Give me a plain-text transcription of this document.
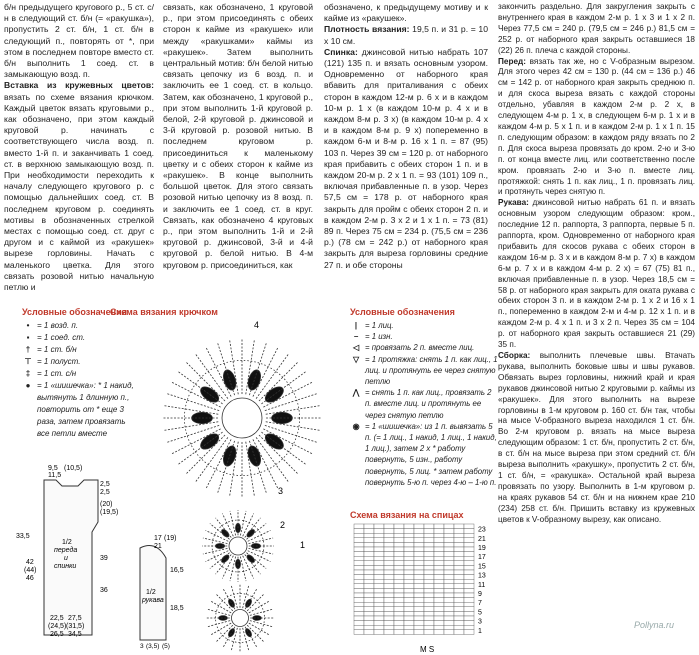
б/н предыдущего кругового р., 5 ст. с/н в следующий ст. б/н (= «ракушка»), пропустить 2 ст. б/н, 1 ст. б/н в следующий п., повторять от *, при этом в последнем повторе вместо ст. б/н выполнить 1 соед. ст. в замыкающую возд. п.

Вставка из кружевных цветов: вязать по схеме вязания крючком. Каждый цветок вязать круговыми р., как обозначено, при этом каждый круговой р. начинать с соответствующего числа возд. п. вместо 1-й п. и заканчивать 1 соед. ст. в верхнюю замыкающую возд. п. При необходимости переходить к началу следующего кругового р. с помощью дальнейших соед. ст. В последнем круговом р. соединять мотивы в обозначенных стрелкой местах с помощью соед. ст. друг с другом и с каймой из «ракушек» вырезе горловины. Начать с маленького цветка. Для этого связать розовой нитью начальную петлю и

связать, как обозначено, 1 круговой р., при этом присоединять с обеих сторон к кайме из «ракушек» или между «ракушками» каймы из «ракушек». Затем выполнить центральный мотив: б/н белой нитью связать цепочку из 6 возд. п. и заключить ее 1 соед. ст. в кольцо. Затем, как обозначено, 1 круговой р., при этом выполнить 1-й круговой р. белой, 2-й круговой р. джинсовой и 3-й круговой р. розовой нитью. В последнем круговом р. присоединиться к маленькому цветку и с обеих сторон к кайме из «ракушек». В конце выполнить большой цветок. Для этого связать розовой нитью цепочку из 8 возд. п. и заключить ее 1 соед. ст. в круг. Связать, как обозначено 4 круговых р., при этом выполнить 1-й и 2-й круговой р. джинсовой, 3-й и 4-й круговой р. белой нитью. В 4-м круговом р. присоединиться, как

обозначено, к предыдущему мотиву и к кайме из «ракушек».

Плотность вязания: 19,5 п. и 31 р. = 10 x 10 см.

Спинка: джинсовой нитью набрать 107 (121) 135 п. и вязать основным узором. Одновременно от наборного края вбавить для приталивания с обеих сторон в каждом 12-м р. 6 x и в каждом 10-м р. 1 x (в каждом 10-м р. 4 x и в каждом 8-м р. 3 x) (в каждом 10-м р. 4 x и в каждом 8-м р. 9 x) попеременно в каждом 6-м и 8-м р. 16 x 1 п. = 87 (95) 103 п. Через 39 см = 120 р. от наборного края прибавить с обеих сторон 1 п. и в каждом 20-м р. 2 x 1 п. = 93 (101) 109 п., включая прибавленные п. в узор. Через 57,5 см = 178 р. от наборного края закрыть для пройм с обеих сторон 2 п. и в каждом 2-м р. 3 x 2 и 1 x 1 п. = 73 (81) 89 п. Через 75 см = 234 р. (75,5 см = 236 р.) (78 см = 242 р.) от наборного края закрыть для выреза горловины средние 27 п. и обе стороны

закончить раздельно. Для закругления закрыть с внутреннего края в каждом 2-м р. 1 x 3 и 1 x 2 п. Через 77,5 см = 240 р. (79,5 см = 246 р.) 81,5 см = 252 р. от наборного края закрыть оставшиеся 18 (22) 26 п. плеча с каждой стороны.

Перед: вязать так же, но с V-образным вырезом. Для этого через 42 см = 130 р. (44 см = 136 р.) 46 см = 142 р. от наборного края закрыть среднюю п. и для скоса выреза вязать с каждой стороны отдельно, убавляя в каждом 2-м р. 2 x, в следующем 4-м р. 1 x, в следующем 6-м р. 1 x и в каждом 4-м р. 5 x 1 п. и в каждом 2-м р. 1 x 1 п. 15 п. следующим образом: в каждом ряду вязать по 2 п. Для скоса выреза провязать до кром. 2-ю и 3-ю п. от конца вместе лиц. или соответственно после кром. провязать 2-ю и 3-ю п. вместе лиц. протяжкой: снять 1 п. как лиц., 1 п. провязать лиц. и протянуть через снятую п.

Рукава: джинсовой нитью набрать 61 п. и вязать основным узором следующим образом: кром., последние 12 п. раппорта, 3 раппорта, первые 5 п. раппорта, кром. Одновременно от наборного края прибавить для скосов рукава с обеих сторон в каждом 16-м р. 3 x и в каждом 8-м р. 7 x) в каждом 6-м р. 7 x и в каждом 4-м р. 2 x) = 67 (75) 81 п., включая прибавленные п. в узор. Через 18,5 см = 58 р. от наборного края закрыть для оката рукава с обеих сторон 3 п. и в каждом 2-м р. 1 x 2 и 16 x 1 п., попеременно в каждом 2-м и 4-м р. 12 x 1 п. и в каждом 2-м р. 4 x 1 п. и 3 x 2 п. Через 35 см = 104 р. от наборного края закрыть оставшиеся 21 (29) 35 п.

Сборка: выполнить плечевые швы. Втачать рукава, выполнить боковые швы и швы рукавов. Обвязать вырез горловины, нижний край и края рукавов джинсовой нитью 2 круговыми р. каймы из «ракушек». Для этого выполнить на вырезе горловины в 1-м круговом р. 160 ст. б/н так, чтобы на мысе V-образного выреза находился 1 ст. б/н. Во 2-м круговом р. вязать на мысе выреза следующим образом: 1 ст. б/н, пропустить 2 ст. б/н, в ст. б/н на мысе выреза при этом средний ст. б/н выреза выполнить «ракушку», пропустить 2 ст. б/н, 1 ст. б/н, = «ракушка». Остальной край выреза провязать по узору. Выполнить в 1-м круговом р. на краях рукавов 54 ст. б/н и на нижнем крае 210 (234) 258 ст. б/н. Пришить вставку из кружевных цветов к V-образному вырезу, как описано.

Условные обозначения
• = 1 возд. п.
▪ = 1 соед. ст.
† = 1 ст. б/н
⊤ = 1 полуст.
‡ = 1 ст. с/н
● = 1 «шишечка»: * 1 накид, вытянуть 1 длинную п., повторить от * еще 3 раза, затем провязать все петли вместе
Схема вязания крючком
4
3
2
1
9,5 (10,5)
11,5
2,5
2,5
(20)
(19,5)
33,5
42
(44)
46
1/2
переда
и
спинки
39
36
22,5
(24,5)
26,5
27,5
(31,5)
34,5
17 (19)
21
16,5
18,5
1/2
рукава
3 (3,5) (5)
Условные обозначения
|	= 1 лиц.
− = 1 изн.
◁ = провязать 2 п. вместе лиц.
▽ = 1 протяжка: снять 1 п. как лиц., 1 лиц. и протянуть ее через снятую петлю
⋀ = снять 1 п. как лиц., провязать 2 п. вместе лиц. и протянуть ее через снятую петлю
◉ = 1 «шишечка»: из 1 п. вывязать 5 п. (= 1 лиц., 1 накид, 1 лиц., 1 накид, 1 лиц.), затем 2 x * работу повернуть, 5 изн., работу повернуть, 5 лиц. * затем работу повернуть 5-ю п. через 4-ю – 1-ю п.
Схема вязания на спицах
23
21
19
17
15
13
11
9
7
5
3
1
M S
Pollyna.ru
